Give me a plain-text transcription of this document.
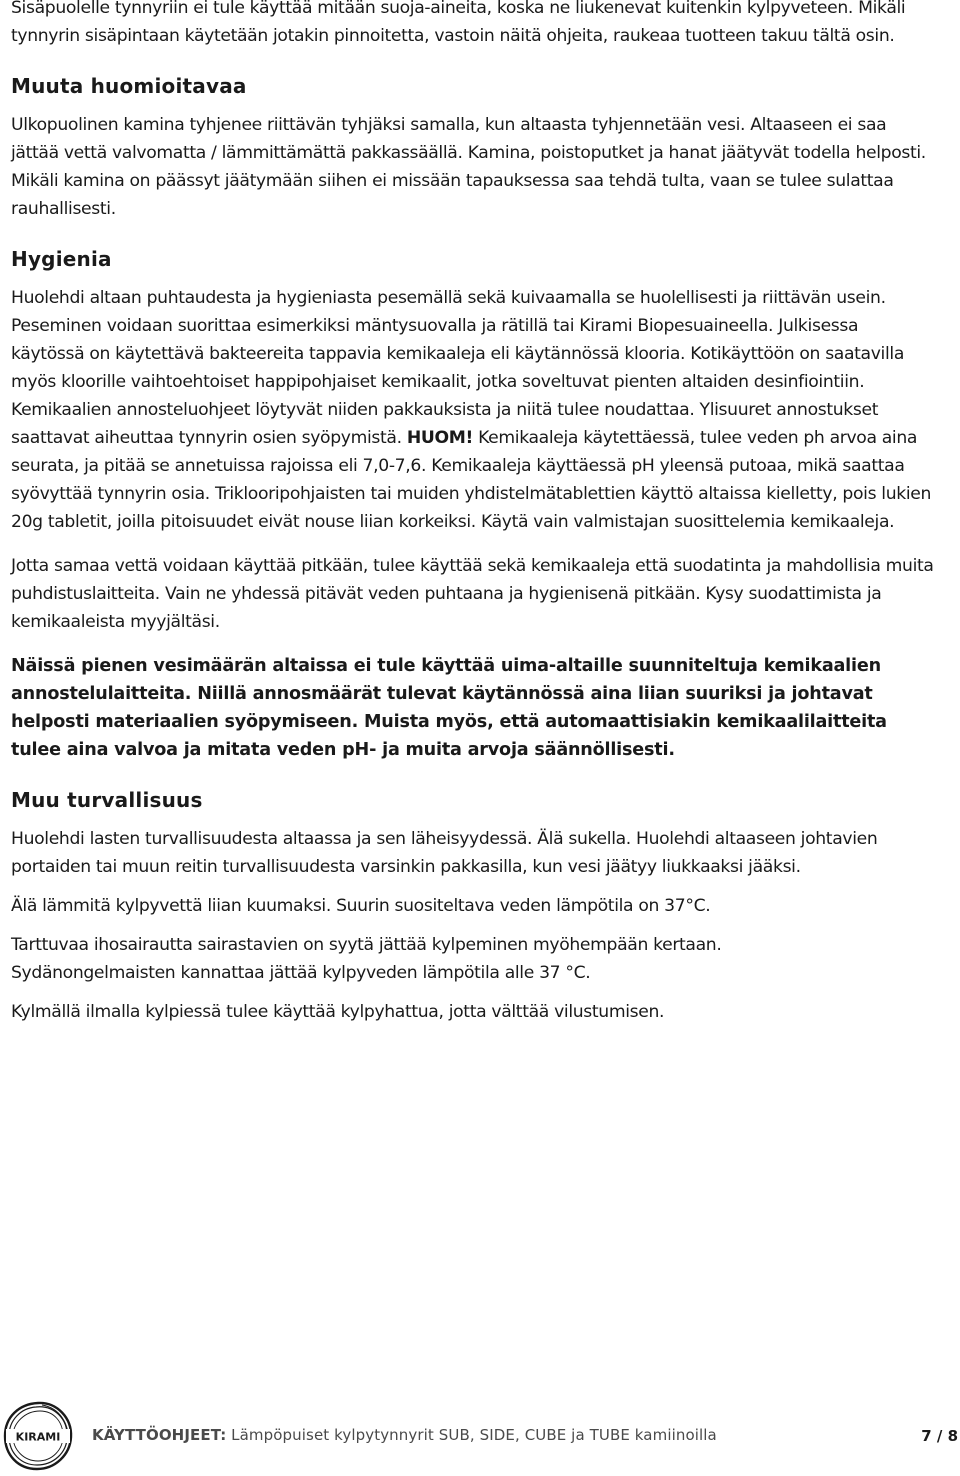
Sisäpuolelle tynnyriin ei tule käyttää mitään suoja-aineita, koska ne liukenevat kuitenkin kylpyveteen. Mikäli tynnyrin sisäpintaan käytetään jotakin pinnoitetta, vastoin näitä ohjeita, raukeaa tuotteen takuu tältä osin.

Muuta huomioitavaa

Ulkopuolinen kamina tyhjenee riittävän tyhjäksi samalla, kun altaasta tyhjennetään vesi. Altaaseen ei saa jättää vettä valvomatta / lämmittämättä pakkassäällä. Kamina, poistoputket ja hanat jäätyvät todella helposti. Mikäli kamina on päässyt jäätymään siihen ei missään tapauksessa saa tehdä tulta, vaan se tulee sulattaa rauhallisesti.

Hygienia

Huolehdi altaan puhtaudesta ja hygieniasta pesemällä sekä kuivaamalla se huolellisesti ja riittävän usein. Peseminen voidaan suorittaa esimerkiksi mäntysuovalla ja rätillä tai Kirami Biopesuaineella. Julkisessa käytössä on käytettävä bakteereita tappavia kemikaaleja eli käytännössä klooria. Kotikäyttöön on saatavilla myös kloorille vaihtoehtoiset happipohjaiset kemikaalit, jotka soveltuvat pienten altaiden desinfiointiin. Kemikaalien annosteluohjeet löytyvät niiden pakkauksista ja niitä tulee noudattaa. Ylisuuret annostukset saattavat aiheuttaa tynnyrin osien syöpymistä. HUOM! Kemikaaleja käytettäessä, tulee veden ph arvoa aina seurata, ja pitää se annetuissa rajoissa eli 7,0-7,6. Kemikaaleja käyttäessä pH yleensä putoaa, mikä saattaa syövyttää tynnyrin osia. Triklooripohjaisten tai muiden yhdistelmätablettien käyttö altaissa kielletty, pois lukien 20g tabletit, joilla pitoisuudet eivät nouse liian korkeiksi. Käytä vain valmistajan suosittelemia kemikaaleja.

Jotta samaa vettä voidaan käyttää pitkään, tulee käyttää sekä kemikaaleja että suodatinta ja mahdollisia muita puhdistuslaitteita. Vain ne yhdessä pitävät veden puhtaana ja hygienisenä pitkään. Kysy suodattimista ja kemikaaleista myyjältäsi.

Näissä pienen vesimäärän altaissa ei tule käyttää uima-altaille suunniteltuja kemikaalien annostelulaitteita. Niillä annosmäärät tulevat käytännössä aina liian suuriksi ja johtavat helposti materiaalien syöpymiseen. Muista myös, että automaattisiakin kemikaalilaitteita tulee aina valvoa ja mitata veden pH- ja muita arvoja säännöllisesti.

Muu turvallisuus

Huolehdi lasten turvallisuudesta altaassa ja sen läheisyydessä. Älä sukella. Huolehdi altaaseen johtavien portaiden tai muun reitin turvallisuudesta varsinkin pakkasilla, kun vesi jäätyy liukkaaksi jääksi.

Älä lämmitä kylpyvettä liian kuumaksi. Suurin suositeltava veden lämpötila on 37°C.

Tarttuvaa ihosairautta sairastavien on syytä jättää kylpeminen myöhempään kertaan.

Sydänongelmaisten kannattaa jättää kylpyveden lämpötila alle 37 °C.

Kylmällä ilmalla kylpiessä tulee käyttää kylpyhattua, jotta välttää vilustumisen.

KIRAMI KÄYTTÖOHJEET: Lämpöpuiset kylpytynnyrit SUB, SIDE, CUBE ja TUBE kamiinoilla	7 / 8
